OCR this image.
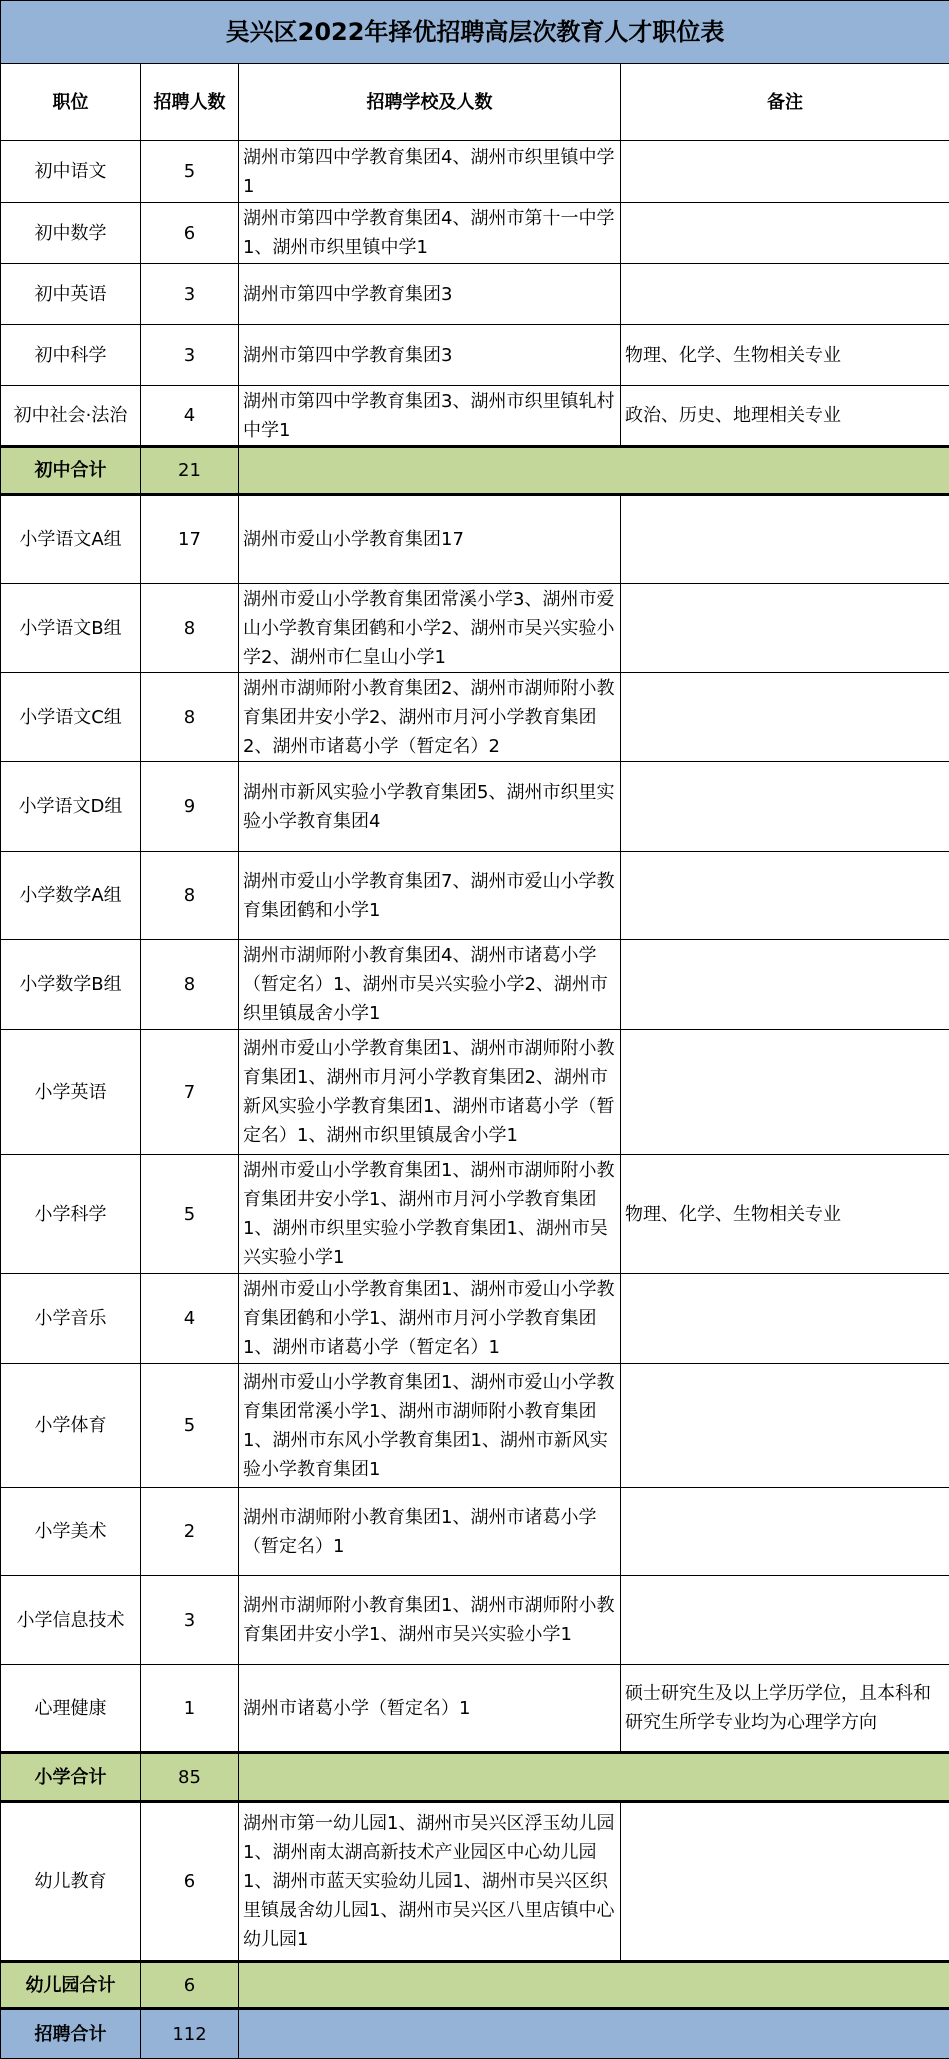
吴兴区2022年择优招聘高层次教育人才职位表			
职位	招聘人数	招聘学校及人数	备注
初中语文	5	湖州市第四中学教育集团4、湖州市织里镇中学1	
初中数学	6	湖州市第四中学教育集团4、湖州市第十一中学1、湖州市织里镇中学1	
初中英语	3	湖州市第四中学教育集团3	
初中科学	3	湖州市第四中学教育集团3	物理、化学、生物相关专业
初中社会·法治	4	湖州市第四中学教育集团3、湖州市织里镇轧村中学1	政治、历史、地理相关专业
初中合计	21		
小学语文A组	17	湖州市爱山小学教育集团17	
小学语文B组	8	湖州市爱山小学教育集团常溪小学3、湖州市爱山小学教育集团鹤和小学2、湖州市吴兴实验小学2、湖州市仁皇山小学1	
小学语文C组	8	湖州市湖师附小教育集团2、湖州市湖师附小教育集团井安小学2、湖州市月河小学教育集团2、湖州市诸葛小学（暂定名）2	
小学语文D组	9	湖州市新风实验小学教育集团5、湖州市织里实验小学教育集团4	
小学数学A组	8	湖州市爱山小学教育集团7、湖州市爱山小学教育集团鹤和小学1	
小学数学B组	8	湖州市湖师附小教育集团4、湖州市诸葛小学（暂定名）1、湖州市吴兴实验小学2、湖州市织里镇晟舍小学1	
小学英语	7	湖州市爱山小学教育集团1、湖州市湖师附小教育集团1、湖州市月河小学教育集团2、湖州市新风实验小学教育集团1、湖州市诸葛小学（暂定名）1、湖州市织里镇晟舍小学1	
小学科学	5	湖州市爱山小学教育集团1、湖州市湖师附小教育集团井安小学1、湖州市月河小学教育集团1、湖州市织里实验小学教育集团1、湖州市吴兴实验小学1	物理、化学、生物相关专业
小学音乐	4	湖州市爱山小学教育集团1、湖州市爱山小学教育集团鹤和小学1、湖州市月河小学教育集团1、湖州市诸葛小学（暂定名）1	
小学体育	5	湖州市爱山小学教育集团1、湖州市爱山小学教育集团常溪小学1、湖州市湖师附小教育集团1、湖州市东风小学教育集团1、湖州市新风实验小学教育集团1	
小学美术	2	湖州市湖师附小教育集团1、湖州市诸葛小学（暂定名）1	
小学信息技术	3	湖州市湖师附小教育集团1、湖州市湖师附小教育集团井安小学1、湖州市吴兴实验小学1	
心理健康	1	湖州市诸葛小学（暂定名）1	硕士研究生及以上学历学位，且本科和研究生所学专业均为心理学方向
小学合计	85		
幼儿教育	6	湖州市第一幼儿园1、湖州市吴兴区浮玉幼儿园1、湖州南太湖高新技术产业园区中心幼儿园1、湖州市蓝天实验幼儿园1、湖州市吴兴区织里镇晟舍幼儿园1、湖州市吴兴区八里店镇中心幼儿园1	
幼儿园合计	6		
招聘合计	112		
